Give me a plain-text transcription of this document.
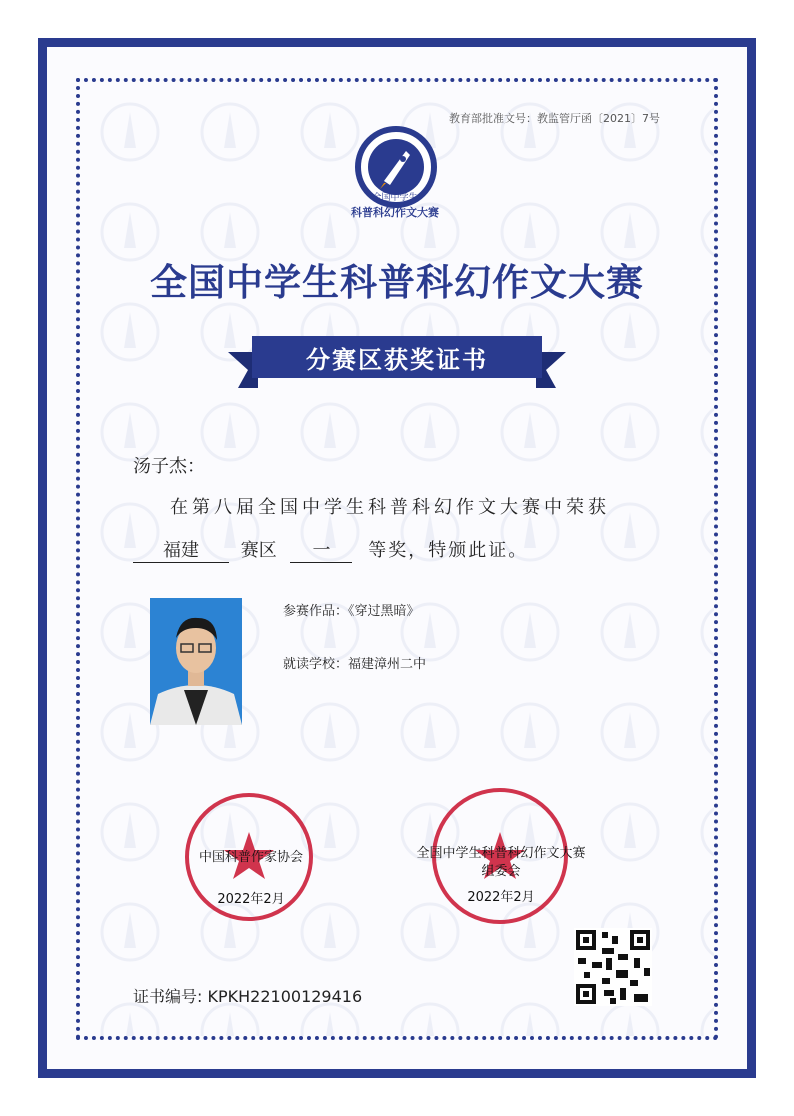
教育部批准文号：教监管厅函〔2021〕7号
全国中学生
科普科幻作文大赛
全国中学生科普科幻作文大赛
分赛区获奖证书
汤子杰：
在第八届全国中学生科普科幻作文大赛中荣获
福建 赛区 一 等奖，特颁此证。
参赛作品：《穿过黑暗》
就读学校：福建漳州二中
中国科普作家协会
2022年2月
全国中学生科普科幻作文大赛
组委会
2022年2月
证书编号: KPKH22100129416
